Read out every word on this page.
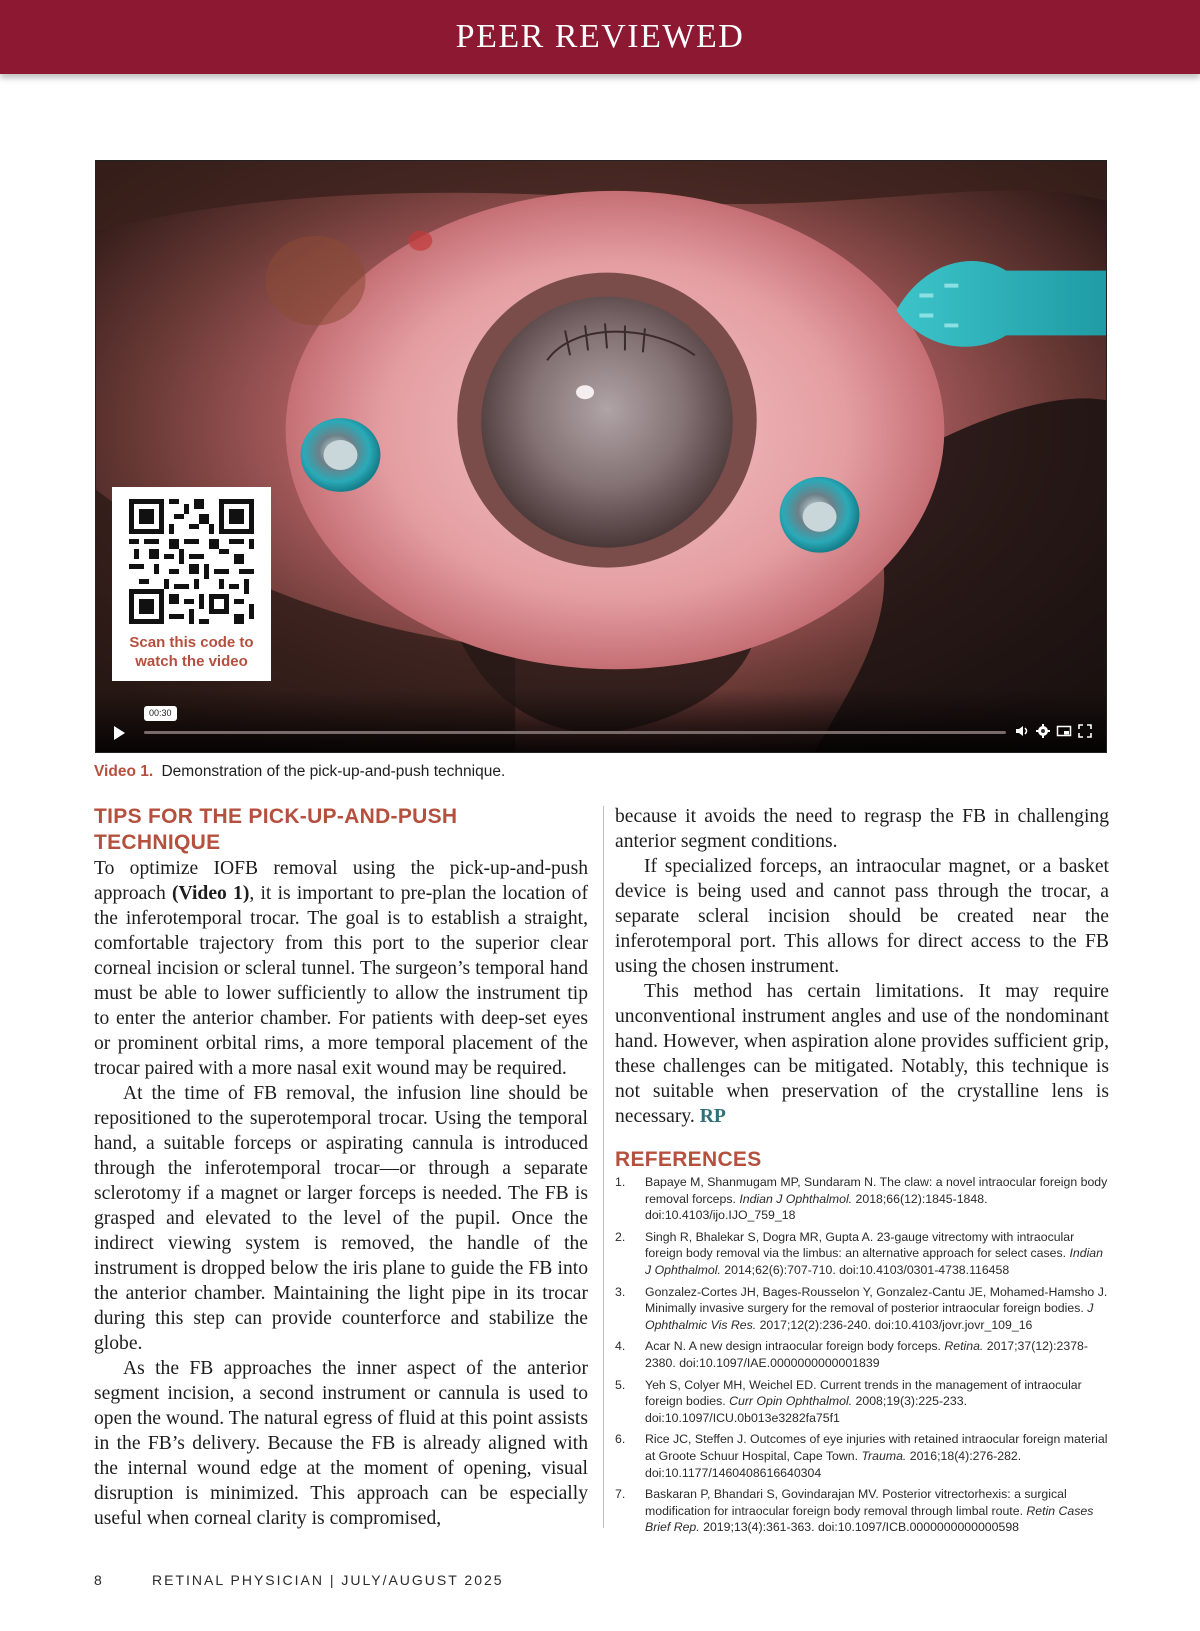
PEER REVIEWED
Scan this code to
watch the video
00:30
Video 1. Demonstration of the pick-up-and-push technique.
TIPS FOR THE PICK-UP-AND-PUSH TECHNIQUE

To optimize IOFB removal using the pick-up-and-push approach (Video 1), it is important to pre-plan the location of the inferotemporal trocar. The goal is to establish a straight, comfortable trajectory from this port to the superior clear corneal incision or scleral tunnel. The surgeon’s temporal hand must be able to lower sufficiently to allow the instrument tip to enter the anterior chamber. For patients with deep-set eyes or prominent orbital rims, a more temporal placement of the trocar paired with a more nasal exit wound may be required.

At the time of FB removal, the infusion line should be repositioned to the superotemporal trocar. Using the temporal hand, a suitable forceps or aspirating cannula is introduced through the inferotemporal trocar—or through a separate sclerotomy if a magnet or larger forceps is needed. The FB is grasped and elevated to the level of the pupil. Once the indirect viewing system is removed, the handle of the instrument is dropped below the iris plane to guide the FB into the anterior chamber. Maintaining the light pipe in its trocar during this step can provide counterforce and stabilize the globe.

As the FB approaches the inner aspect of the anterior segment incision, a second instrument or cannula is used to open the wound. The natural egress of fluid at this point assists in the FB’s delivery. Because the FB is already aligned with the internal wound edge at the moment of opening, visual disruption is minimized. This approach can be especially useful when corneal clarity is compromised,

because it avoids the need to regrasp the FB in challenging anterior segment conditions.

If specialized forceps, an intraocular magnet, or a basket device is being used and cannot pass through the trocar, a separate scleral incision should be created near the inferotemporal port. This allows for direct access to the FB using the chosen instrument.

This method has certain limitations. It may require unconventional instrument angles and use of the nondominant hand. However, when aspiration alone provides sufficient grip, these challenges can be mitigated. Notably, this technique is not suitable when preservation of the crystalline lens is necessary. RP

REFERENCES
1. Bapaye M, Shanmugam MP, Sundaram N. The claw: a novel intraocular foreign body removal forceps. Indian J Ophthalmol. 2018;66(12):1845-1848. doi:10.4103/ijo.IJO_759_18
2. Singh R, Bhalekar S, Dogra MR, Gupta A. 23-gauge vitrectomy with intraocular foreign body removal via the limbus: an alternative approach for select cases. Indian J Ophthalmol. 2014;62(6):707-710. doi:10.4103/0301-4738.116458
3. Gonzalez-Cortes JH, Bages-Rousselon Y, Gonzalez-Cantu JE, Mohamed-Hamsho J. Minimally invasive surgery for the removal of posterior intraocular foreign bodies. J Ophthalmic Vis Res. 2017;12(2):236-240. doi:10.4103/jovr.jovr_109_16
4. Acar N. A new design intraocular foreign body forceps. Retina. 2017;37(12):2378-2380. doi:10.1097/IAE.0000000000001839
5. Yeh S, Colyer MH, Weichel ED. Current trends in the management of intraocular foreign bodies. Curr Opin Ophthalmol. 2008;19(3):225-233. doi:10.1097/ICU.0b013e3282fa75f1
6. Rice JC, Steffen J. Outcomes of eye injuries with retained intraocular foreign material at Groote Schuur Hospital, Cape Town. Trauma. 2016;18(4):276-282. doi:10.1177/1460408616640304
7. Baskaran P, Bhandari S, Govindarajan MV. Posterior vitrectorhexis: a surgical modification for intraocular foreign body removal through limbal route. Retin Cases Brief Rep. 2019;13(4):361-363. doi:10.1097/ICB.0000000000000598
8	RETINAL PHYSICIAN | JULY/AUGUST 2025
